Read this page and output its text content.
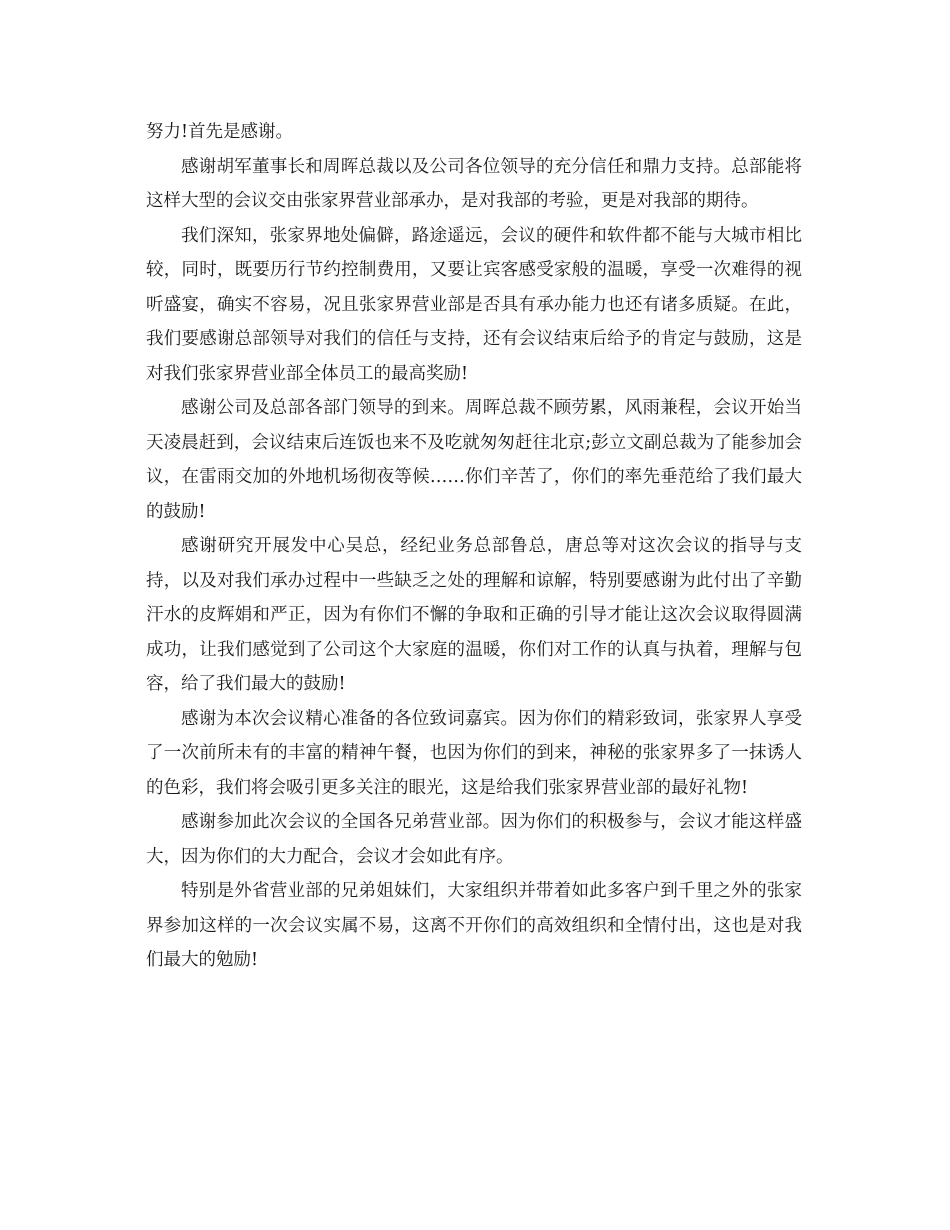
努力!首先是感谢。

感谢胡军董事长和周晖总裁以及公司各位领导的充分信任和鼎力支持。总部能将这样大型的会议交由张家界营业部承办，是对我部的考验，更是对我部的期待。

我们深知，张家界地处偏僻，路途遥远，会议的硬件和软件都不能与大城市相比较，同时，既要历行节约控制费用，又要让宾客感受家般的温暖，享受一次难得的视听盛宴，确实不容易，况且张家界营业部是否具有承办能力也还有诸多质疑。在此，我们要感谢总部领导对我们的信任与支持，还有会议结束后给予的肯定与鼓励，这是对我们张家界营业部全体员工的最高奖励!

感谢公司及总部各部门领导的到来。周晖总裁不顾劳累，风雨兼程，会议开始当天凌晨赶到，会议结束后连饭也来不及吃就匆匆赶往北京;彭立文副总裁为了能参加会议，在雷雨交加的外地机场彻夜等候……你们辛苦了，你们的率先垂范给了我们最大的鼓励!

感谢研究开展发中心吴总，经纪业务总部鲁总，唐总等对这次会议的指导与支持，以及对我们承办过程中一些缺乏之处的理解和谅解，特别要感谢为此付出了辛勤汗水的皮辉娟和严正，因为有你们不懈的争取和正确的引导才能让这次会议取得圆满成功，让我们感觉到了公司这个大家庭的温暖，你们对工作的认真与执着，理解与包容，给了我们最大的鼓励!

感谢为本次会议精心准备的各位致词嘉宾。因为你们的精彩致词，张家界人享受了一次前所未有的丰富的精神午餐，也因为你们的到来，神秘的张家界多了一抹诱人的色彩，我们将会吸引更多关注的眼光，这是给我们张家界营业部的最好礼物!

感谢参加此次会议的全国各兄弟营业部。因为你们的积极参与，会议才能这样盛大，因为你们的大力配合，会议才会如此有序。

特别是外省营业部的兄弟姐妹们，大家组织并带着如此多客户到千里之外的张家界参加这样的一次会议实属不易，这离不开你们的高效组织和全情付出，这也是对我们最大的勉励!
